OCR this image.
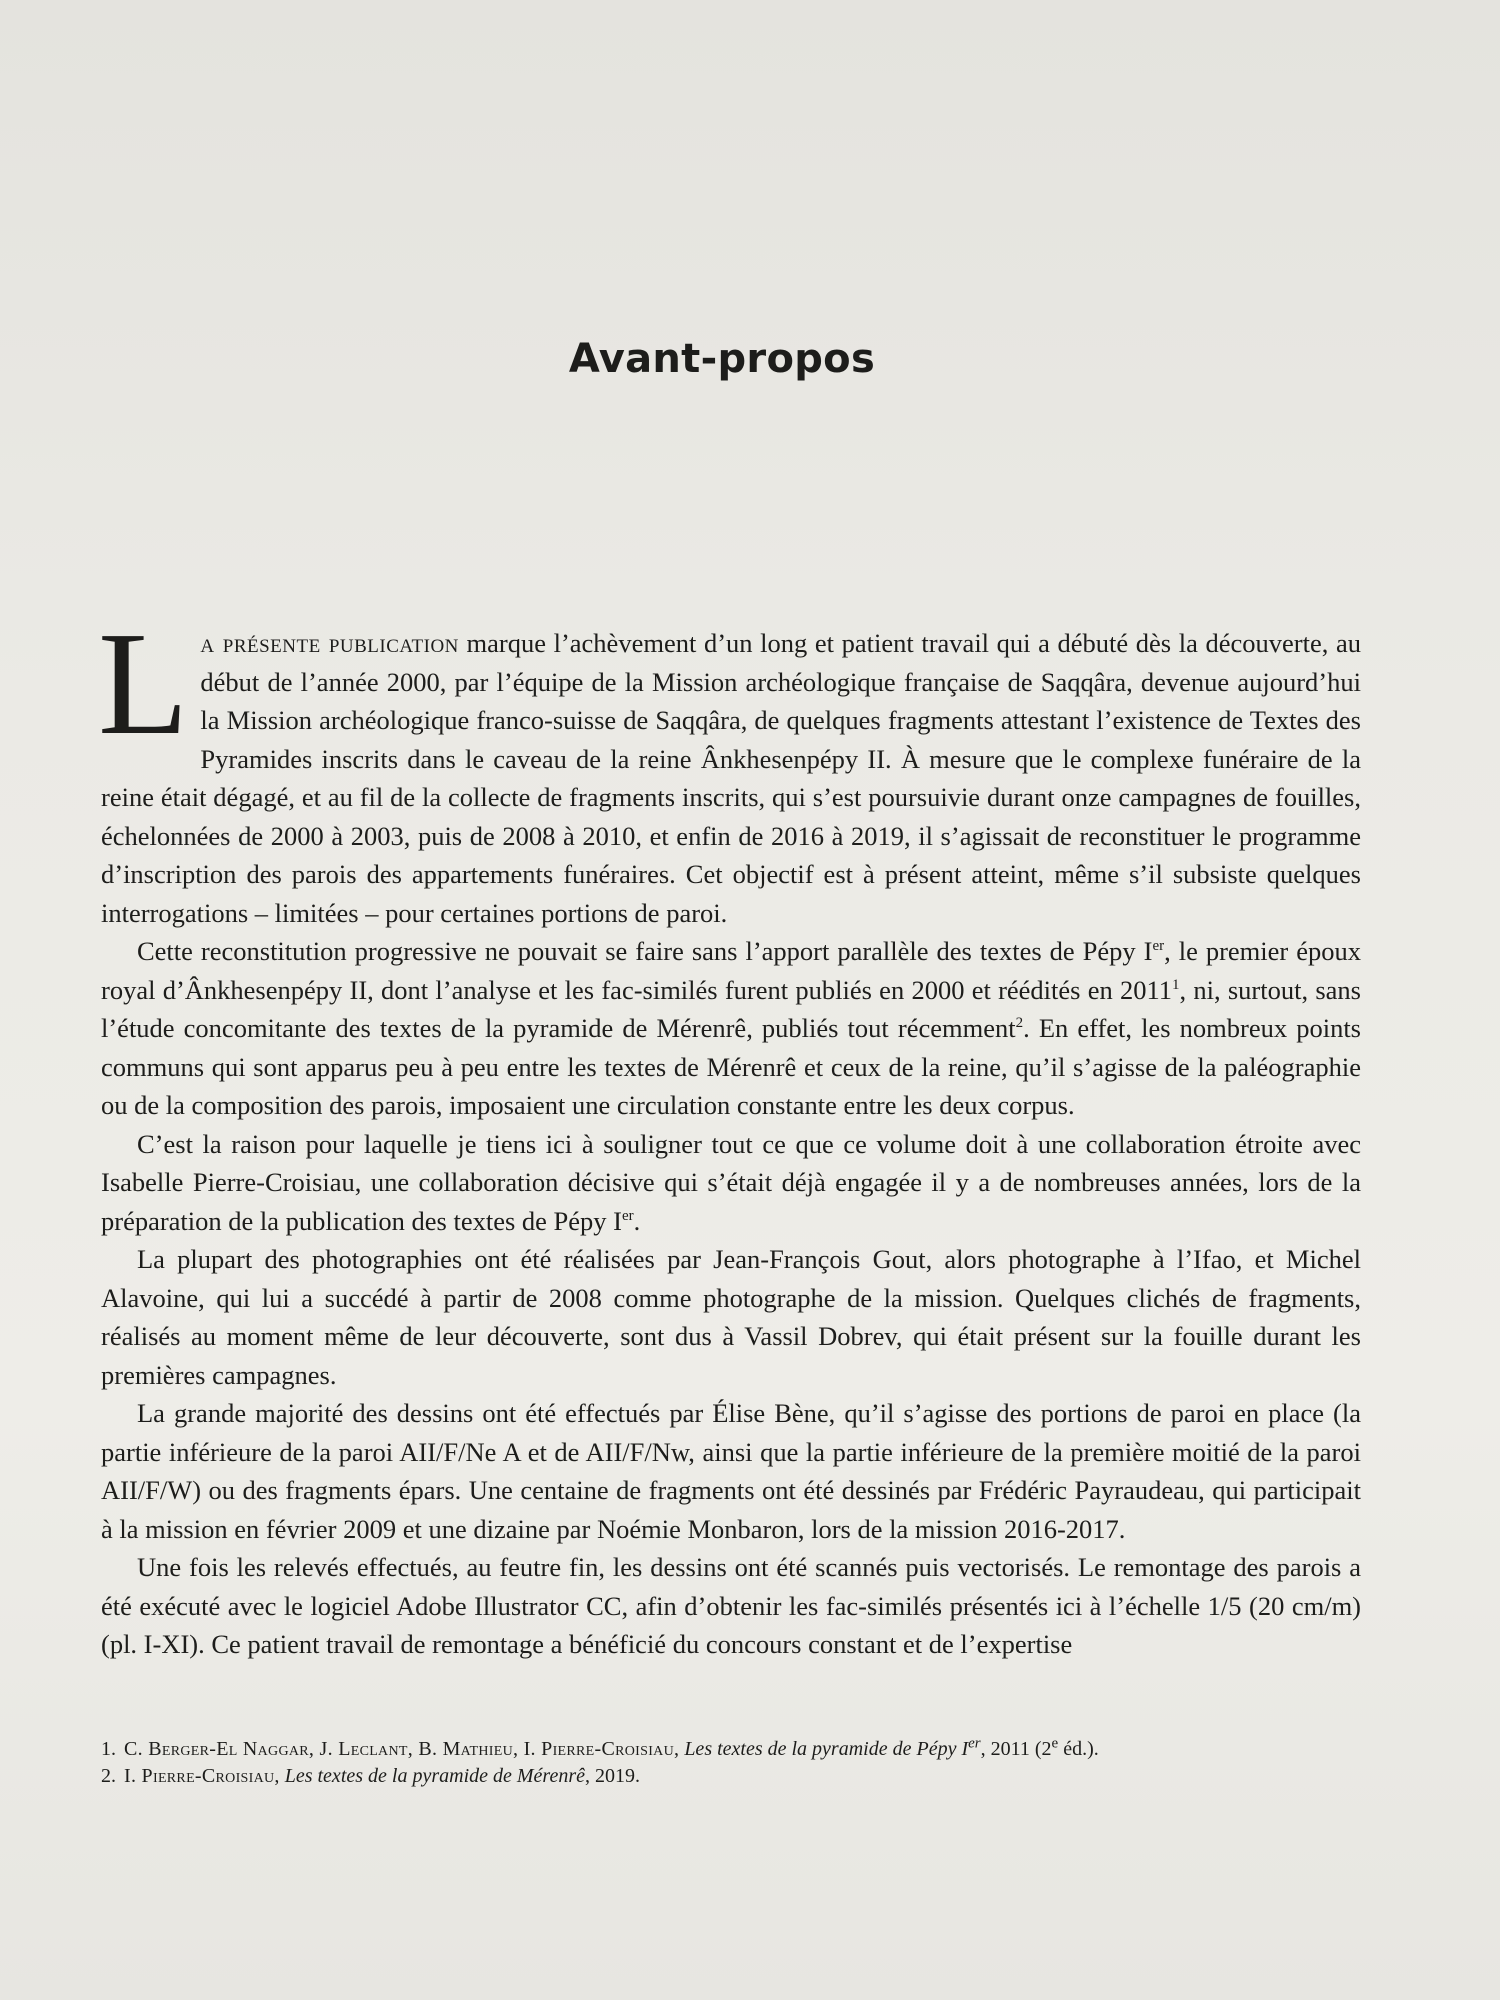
Avant-propos

La présente publication marque l’achèvement d’un long et patient travail qui a débuté dès la découverte, au début de l’année 2000, par l’équipe de la Mission archéologique française de Saqqâra, devenue aujourd’hui la Mission archéologique franco-suisse de Saqqâra, de quelques fragments attestant l’existence de Textes des Pyramides inscrits dans le caveau de la reine Ânkhesenpépy II. À mesure que le complexe funéraire de la reine était dégagé, et au fil de la collecte de fragments inscrits, qui s’est poursuivie durant onze campagnes de fouilles, échelonnées de 2000 à 2003, puis de 2008 à 2010, et enfin de 2016 à 2019, il s’agissait de reconstituer le programme d’inscription des parois des appartements funéraires. Cet objectif est à présent atteint, même s’il subsiste quelques interrogations – limitées – pour certaines portions de paroi.

Cette reconstitution progressive ne pouvait se faire sans l’apport parallèle des textes de Pépy Ier, le premier époux royal d’Ânkhesenpépy II, dont l’analyse et les fac-similés furent publiés en 2000 et réédités en 2011$^1$, ni, surtout, sans l’étude concomitante des textes de la pyramide de Mérenrê, publiés tout récemment$^2$. En effet, les nombreux points communs qui sont apparus peu à peu entre les textes de Mérenrê et ceux de la reine, qu’il s’agisse de la paléographie ou de la composition des parois, imposaient une circulation constante entre les deux corpus.

C’est la raison pour laquelle je tiens ici à souligner tout ce que ce volume doit à une collaboration étroite avec Isabelle Pierre-Croisiau, une collaboration décisive qui s’était déjà engagée il y a de nombreuses années, lors de la préparation de la publication des textes de Pépy Ier.

La plupart des photographies ont été réalisées par Jean-François Gout, alors photographe à l’Ifao, et Michel Alavoine, qui lui a succédé à partir de 2008 comme photographe de la mission. Quelques clichés de fragments, réalisés au moment même de leur découverte, sont dus à Vassil Dobrev, qui était présent sur la fouille durant les premières campagnes.

La grande majorité des dessins ont été effectués par Élise Bène, qu’il s’agisse des portions de paroi en place (la partie inférieure de la paroi AII/F/Ne A et de AII/F/Nw, ainsi que la partie inférieure de la première moitié de la paroi AII/F/W) ou des fragments épars. Une centaine de fragments ont été dessinés par Frédéric Payraudeau, qui participait à la mission en février 2009 et une dizaine par Noémie Monbaron, lors de la mission 2016-2017.

Une fois les relevés effectués, au feutre fin, les dessins ont été scannés puis vectorisés. Le remontage des parois a été exécuté avec le logiciel Adobe Illustrator CC, afin d’obtenir les fac-similés présentés ici à l’échelle 1/5 (20 cm/m) (pl. I-XI). Ce patient travail de remontage a bénéficié du concours constant et de l’expertise

1. C. Berger-El Naggar, J. Leclant, B. Mathieu, I. Pierre-Croisiau, Les textes de la pyramide de Pépy Ier, 2011 (2e éd.).

2. I. Pierre-Croisiau, Les textes de la pyramide de Mérenrê, 2019.
